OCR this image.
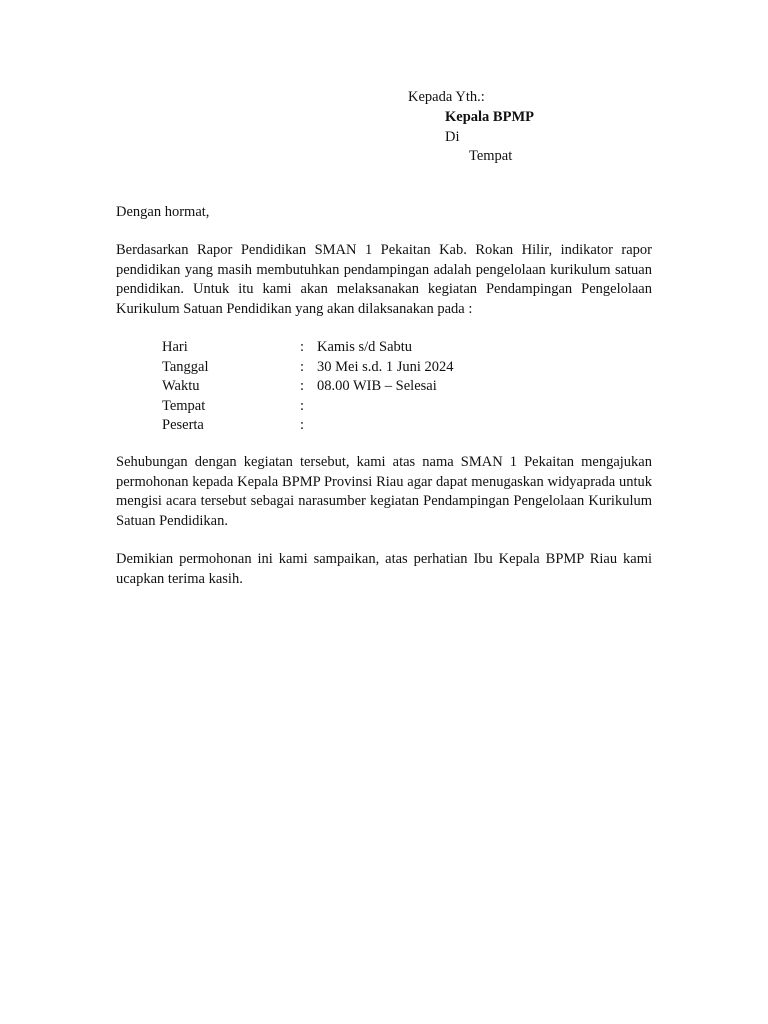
Kepada Yth.:
Kepala BPMP
Di
Tempat
Dengan hormat,

Berdasarkan Rapor Pendidikan SMAN 1 Pekaitan Kab. Rokan Hilir, indikator rapor pendidikan yang masih membutuhkan pendampingan adalah pengelolaan kurikulum satuan pendidikan. Untuk itu kami akan melaksanakan kegiatan Pendampingan Pengelolaan Kurikulum Satuan Pendidikan yang akan dilaksanakan pada :

Hari	: Kamis s/d Sabtu
Tanggal	: 30 Mei s.d. 1 Juni 2024
Waktu	: 08.00 WIB – Selesai
Tempat	:
Peserta	:

Sehubungan dengan kegiatan tersebut, kami atas nama SMAN 1 Pekaitan mengajukan permohonan kepada Kepala BPMP Provinsi Riau agar dapat menugaskan widyaprada untuk mengisi acara tersebut sebagai narasumber kegiatan Pendampingan Pengelolaan Kurikulum Satuan Pendidikan.

Demikian permohonan ini kami sampaikan, atas perhatian Ibu Kepala BPMP Riau kami ucapkan terima kasih.
